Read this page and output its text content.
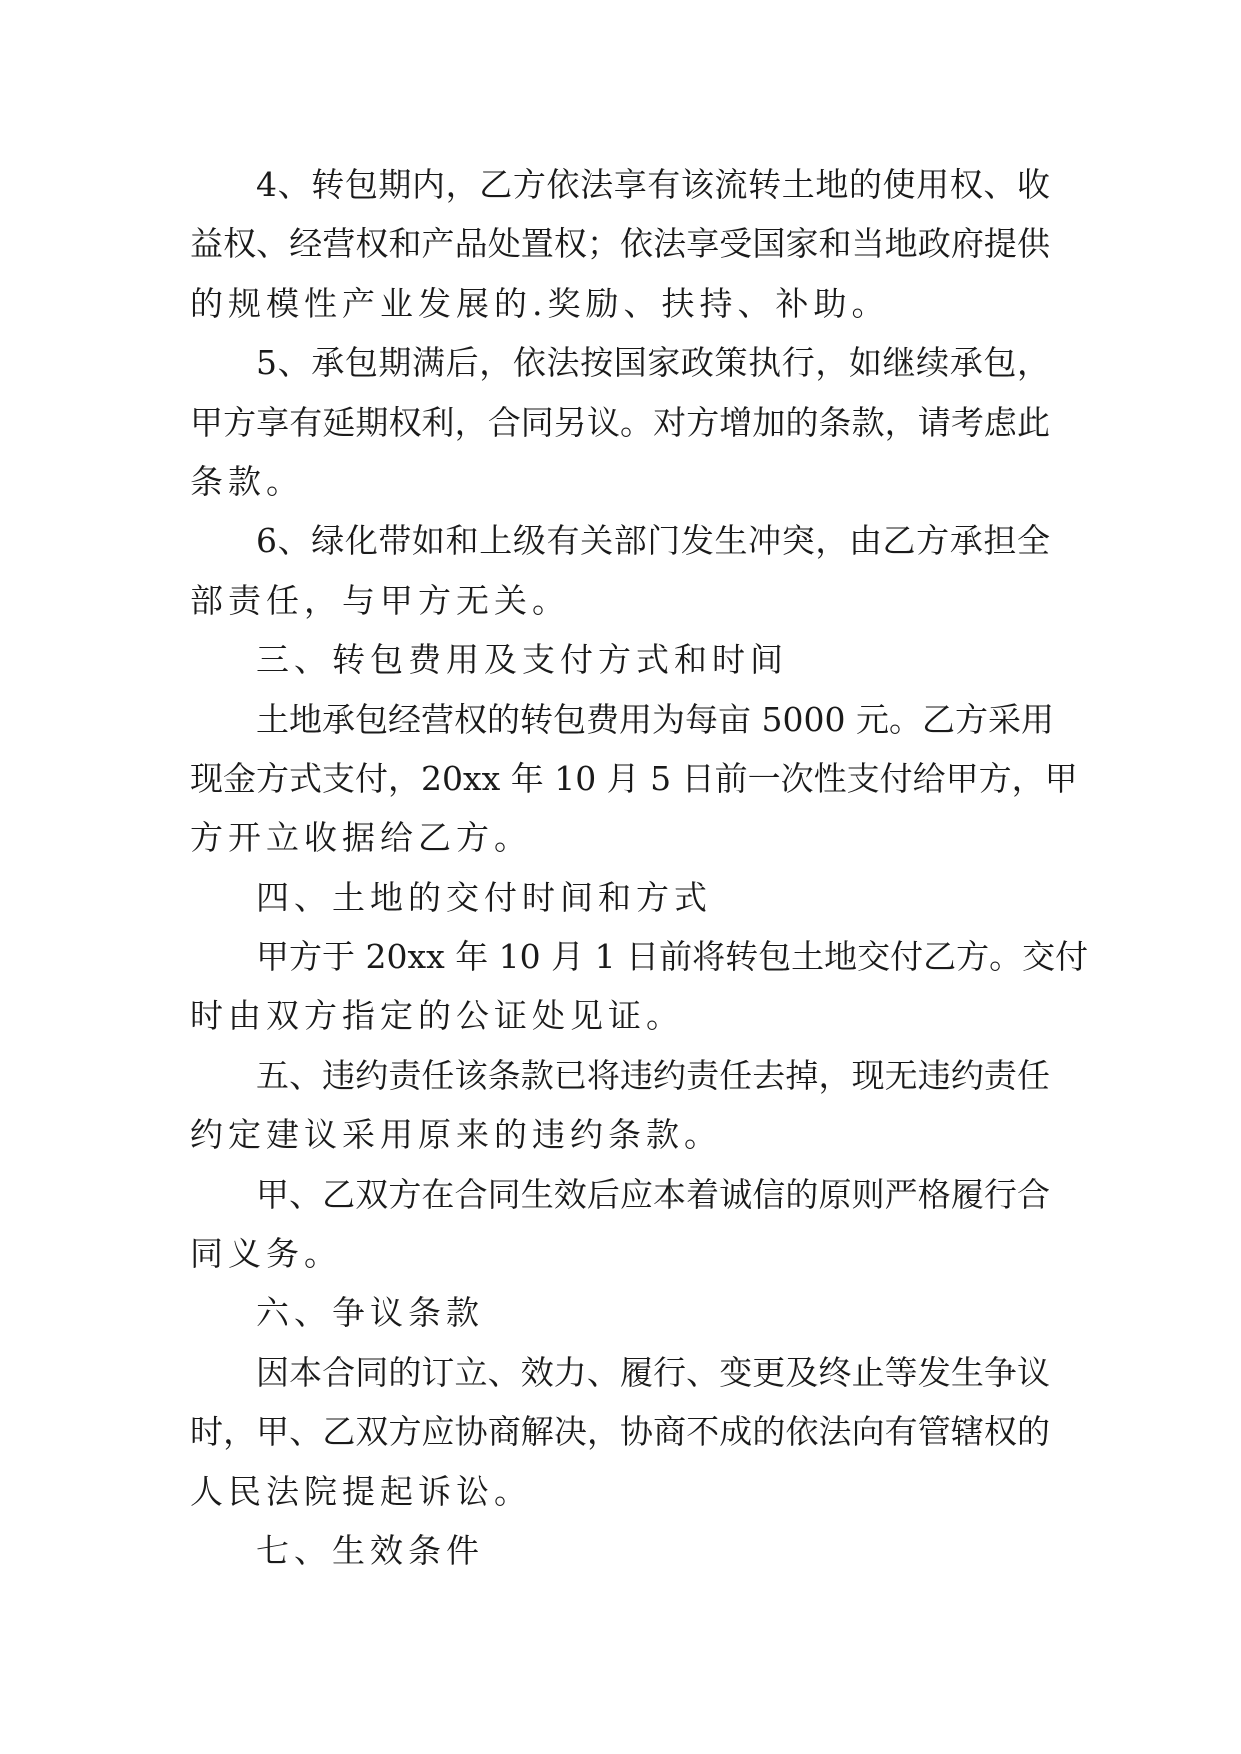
4、转包期内，乙方依法享有该流转土地的使用权、收
益权、经营权和产品处置权；依法享受国家和当地政府提供
的规模性产业发展的.奖励、扶持、补助。
5、承包期满后，依法按国家政策执行，如继续承包，
甲方享有延期权利，合同另议。对方增加的条款，请考虑此
条款。
6、绿化带如和上级有关部门发生冲突，由乙方承担全
部责任，与甲方无关。
三、转包费用及支付方式和时间
土地承包经营权的转包费用为每亩 5000 元。乙方采用
现金方式支付，20xx 年 10 月 5 日前一次性支付给甲方，甲
方开立收据给乙方。
四、土地的交付时间和方式
甲方于 20xx 年 10 月 1 日前将转包土地交付乙方。交付
时由双方指定的公证处见证。
五、违约责任该条款已将违约责任去掉，现无违约责任
约定建议采用原来的违约条款。
甲、乙双方在合同生效后应本着诚信的原则严格履行合
同义务。
六、争议条款
因本合同的订立、效力、履行、变更及终止等发生争议
时，甲、乙双方应协商解决，协商不成的依法向有管辖权的
人民法院提起诉讼。
七、生效条件
